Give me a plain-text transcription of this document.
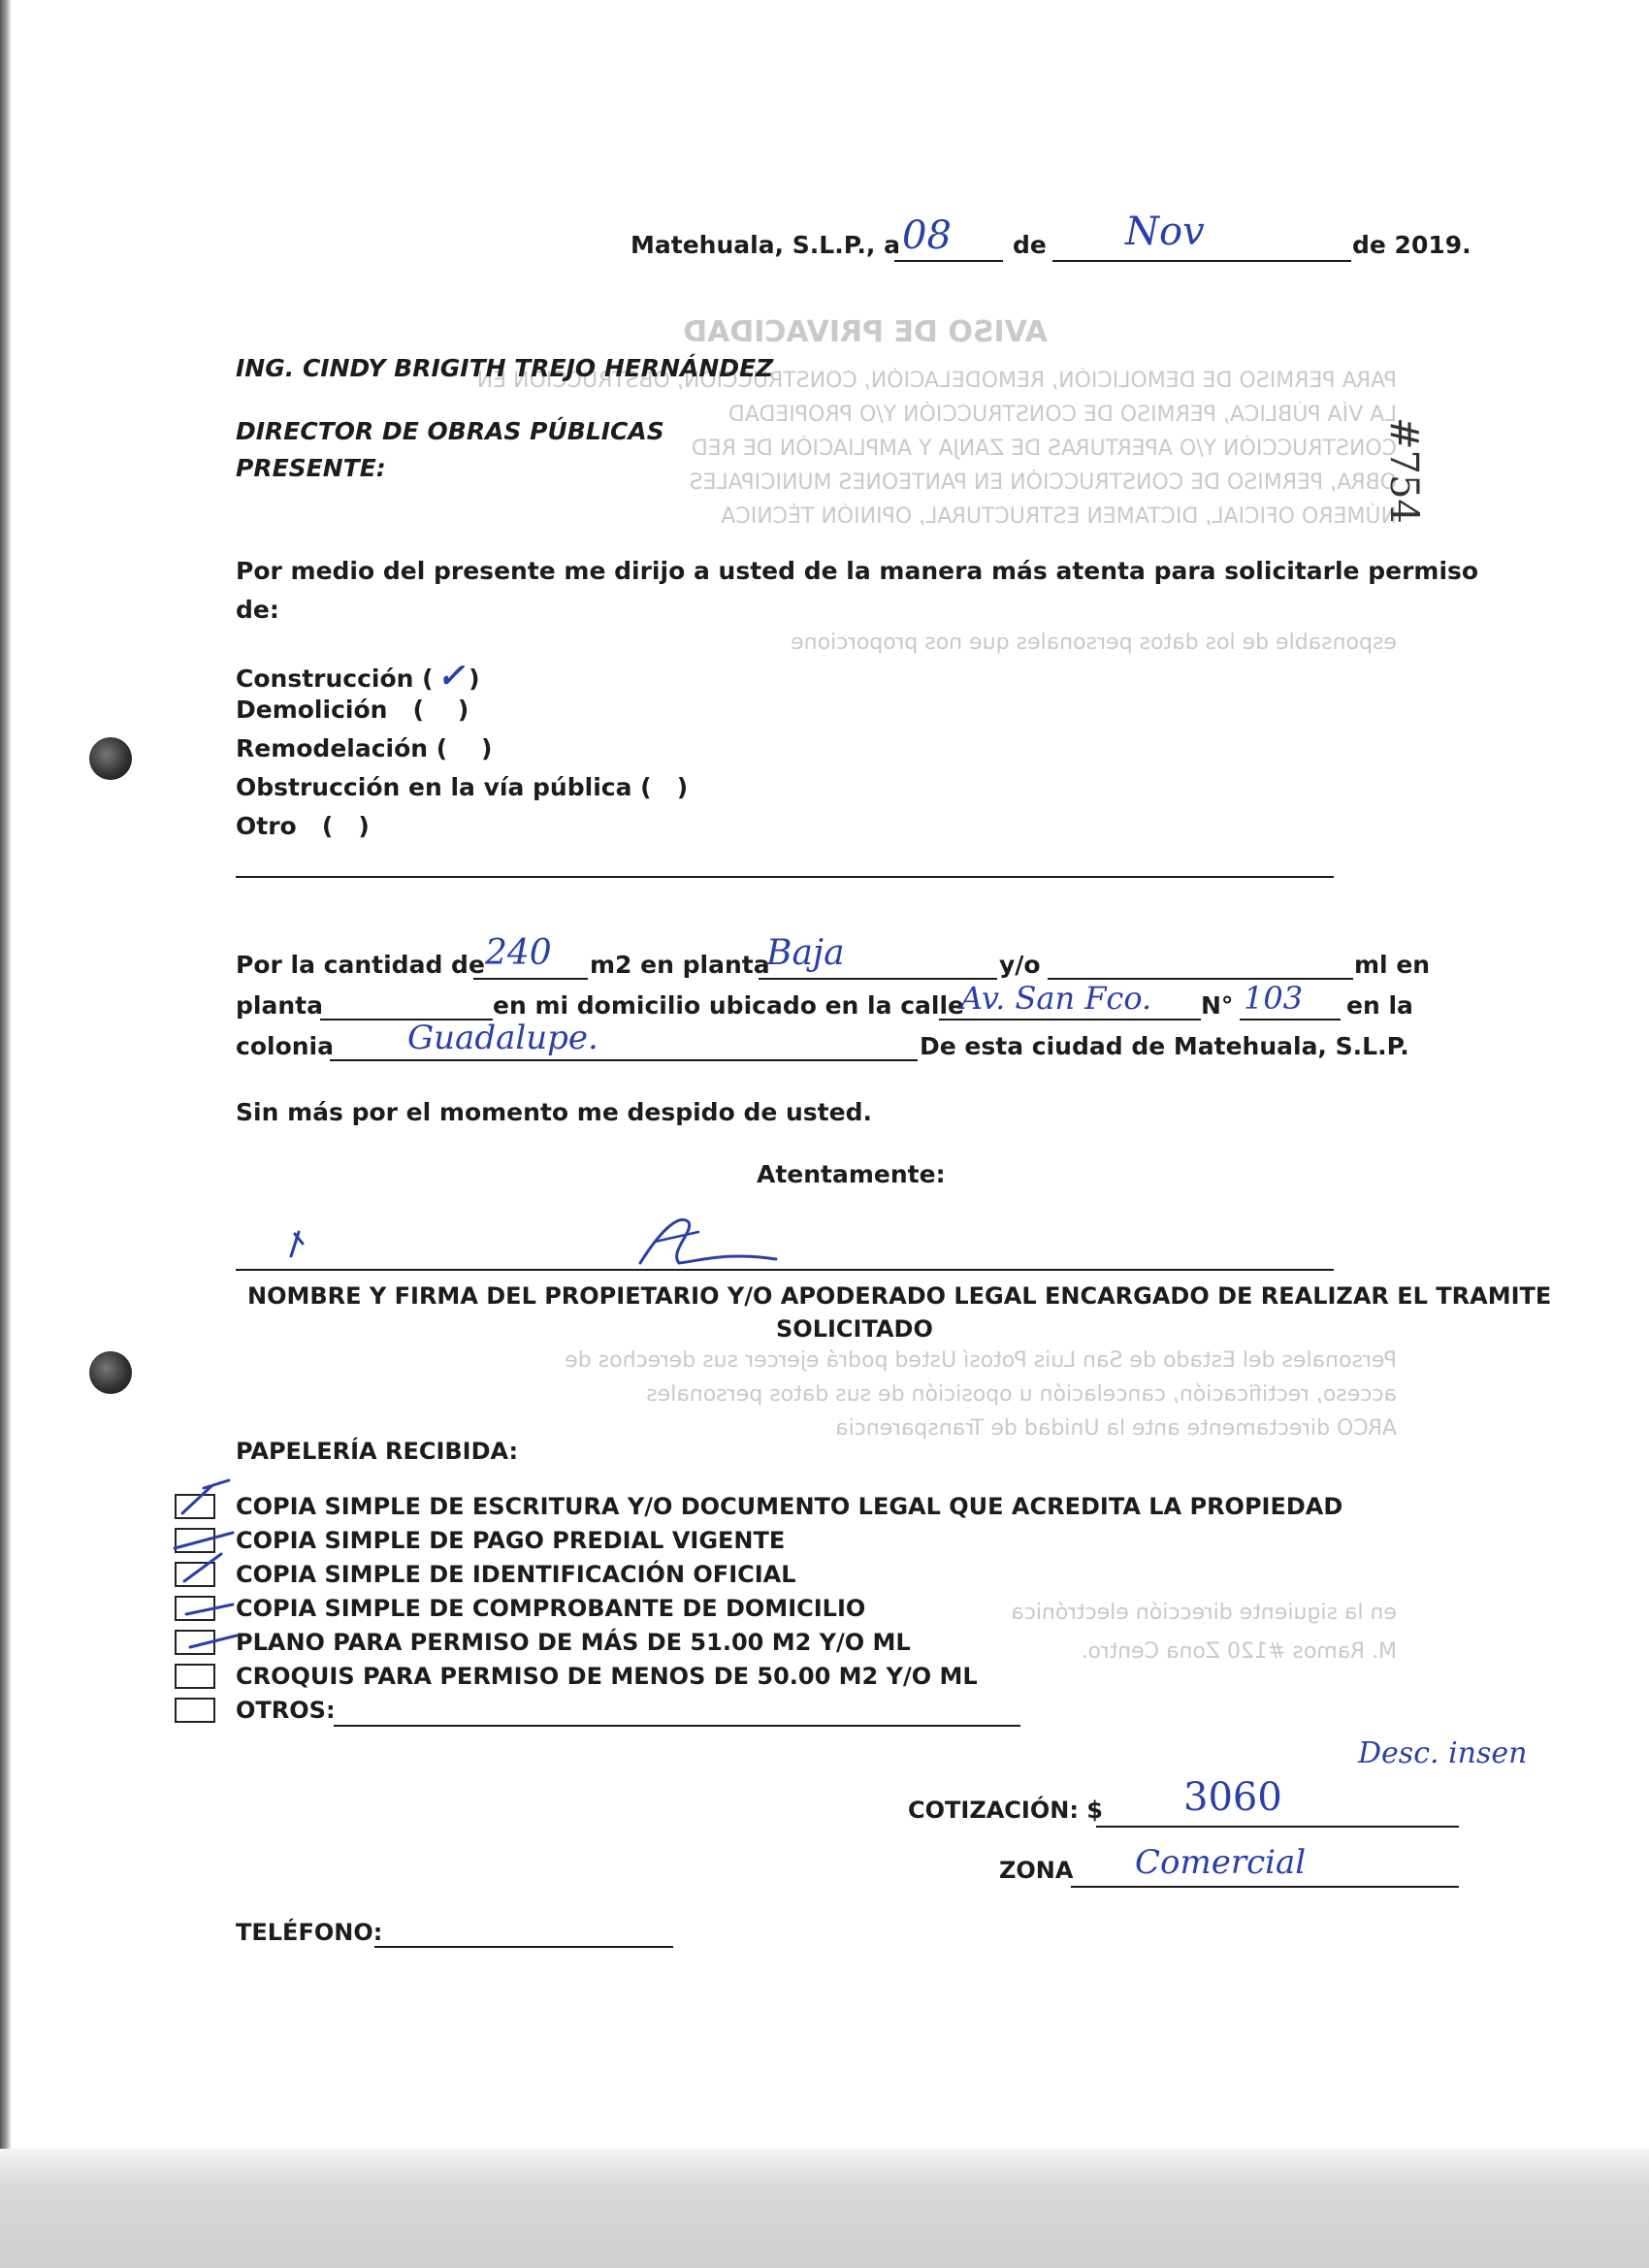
AVISO DE PRIVACIDAD
PARA PERMISO DE DEMOLICIÓN, REMODELACIÓN, CONSTRUCCIÓN, OBSTRUCCIÓN EN
LA VÍA PÚBLICA, PERMISO DE CONSTRUCCIÓN Y/O PROPIEDAD
CONSTRUCCIÓN Y/O APERTURAS DE ZANJA Y AMPLIACIÓN DE RED
OBRA, PERMISO DE CONSTRUCCIÓN EN PANTEONES MUNICIPALES
NÚMERO OFICIAL, DICTAMEN ESTRUCTURAL, OPINIÓN TÉCNICA
esponsable de los datos personales que nos proporcione
Personales del Estado de San Luis Potosí Usted podrá ejercer sus derechos de
acceso, rectificación, cancelación u oposición de sus datos personales
ARCO directamente ante la Unidad de Transparencia
en la siguiente dirección electrónica
M. Ramos #120 Zona Centro.
Matehuala, S.L.P., a 08	de Nov	de 2019.
ING. CINDY BRIGITH TREJO HERNÁNDEZ
DIRECTOR DE OBRAS PÚBLICAS
PRESENTE:
Por medio del presente me dirijo a usted de la manera más atenta para solicitarle permiso
de:
Construcción ( ✓ )
Demolición ( )
Remodelación ( )
Obstrucción en la vía pública ( )
Otro ( )
Por la cantidad de 240 m2 en planta
Baja	y/o	ml en
planta	en mi domicilio ubicado en la calle
Av. San Fco. N° 103 en la
colonia Guadalupe.	De esta ciudad de Matehuala, S.L.P.
Sin más por el momento me despido de usted.
Atentamente:
NOMBRE Y FIRMA DEL PROPIETARIO Y/O APODERADO LEGAL ENCARGADO DE REALIZAR EL TRAMITE
SOLICITADO
PAPELERÍA RECIBIDA:
COPIA SIMPLE DE ESCRITURA Y/O DOCUMENTO LEGAL QUE ACREDITA LA PROPIEDAD
COPIA SIMPLE DE PAGO PREDIAL VIGENTE
COPIA SIMPLE DE IDENTIFICACIÓN OFICIAL
COPIA SIMPLE DE COMPROBANTE DE DOMICILIO
PLANO PARA PERMISO DE MÁS DE 51.00 M2 Y/O ML
CROQUIS PARA PERMISO DE MENOS DE 50.00 M2 Y/O ML
OTROS:
Desc. insen
COTIZACIÓN: $ 3060
ZONA Comercial
TELÉFONO:
#754
